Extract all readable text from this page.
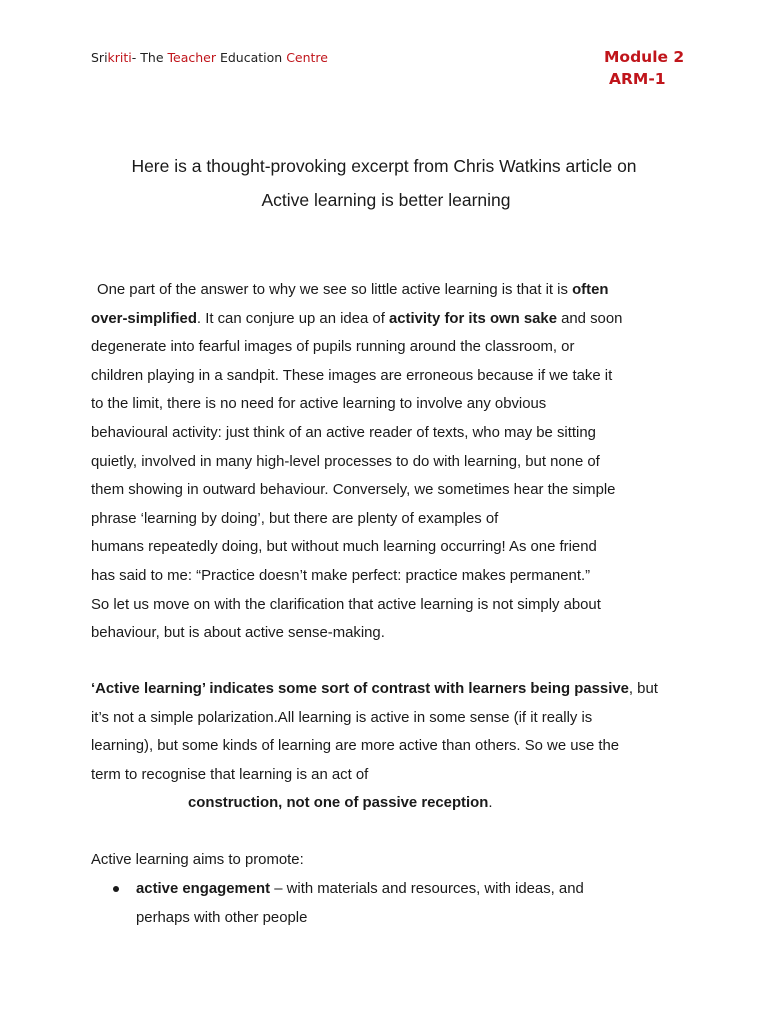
Srikriti- The Teacher Education Centre	Module 2
ARM-1
Here is a thought-provoking excerpt from Chris Watkins article on
Active learning is better learning
One part of the answer to why we see so little active learning is that it is often
over-simplified. It can conjure up an idea of activity for its own sake and soon
degenerate into fearful images of pupils running around the classroom, or
children playing in a sandpit. These images are erroneous because if we take it
to the limit, there is no need for active learning to involve any obvious
behavioural activity: just think of an active reader of texts, who may be sitting
quietly, involved in many high-level processes to do with learning, but none of
them showing in outward behaviour. Conversely, we sometimes hear the simple
phrase ‘learning by doing’, but there are plenty of examples of
humans repeatedly doing, but without much learning occurring! As one friend
has said to me: “Practice doesn’t make perfect: practice makes permanent.”
So let us move on with the clarification that active learning is not simply about
behaviour, but is about active sense-making.
‘Active learning’ indicates some sort of contrast with learners being passive, but
it’s not a simple polarization.All learning is active in some sense (if it really is
learning), but some kinds of learning are more active than others. So we use the
term to recognise that learning is an act of
construction, not one of passive reception.
Active learning aims to promote:
active engagement – with materials and resources, with ideas, and
perhaps with other people
